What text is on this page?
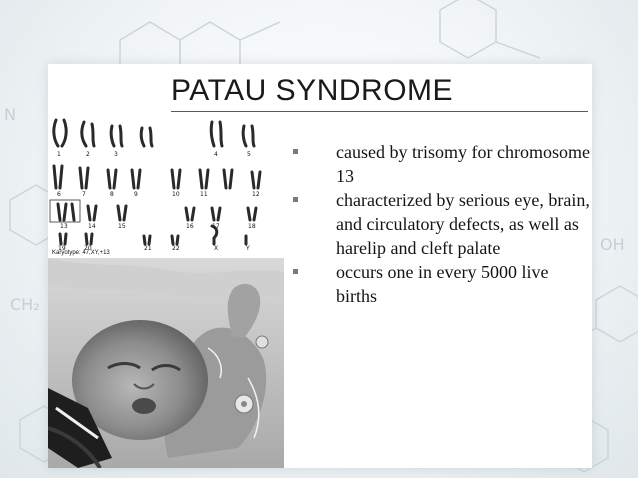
CH₂
OH
N
PATAU SYNDROME
1	2	3	4	5
6	7	8	9	10	11	12
13	14	15	16	17	18
19	20	21	22	X	Y
Karyotype: 47,XY,+13
caused by trisomy for chromosome 13
characterized by serious eye, brain, and circulatory defects, as well as harelip and cleft palate
occurs one in every 5000 live births
